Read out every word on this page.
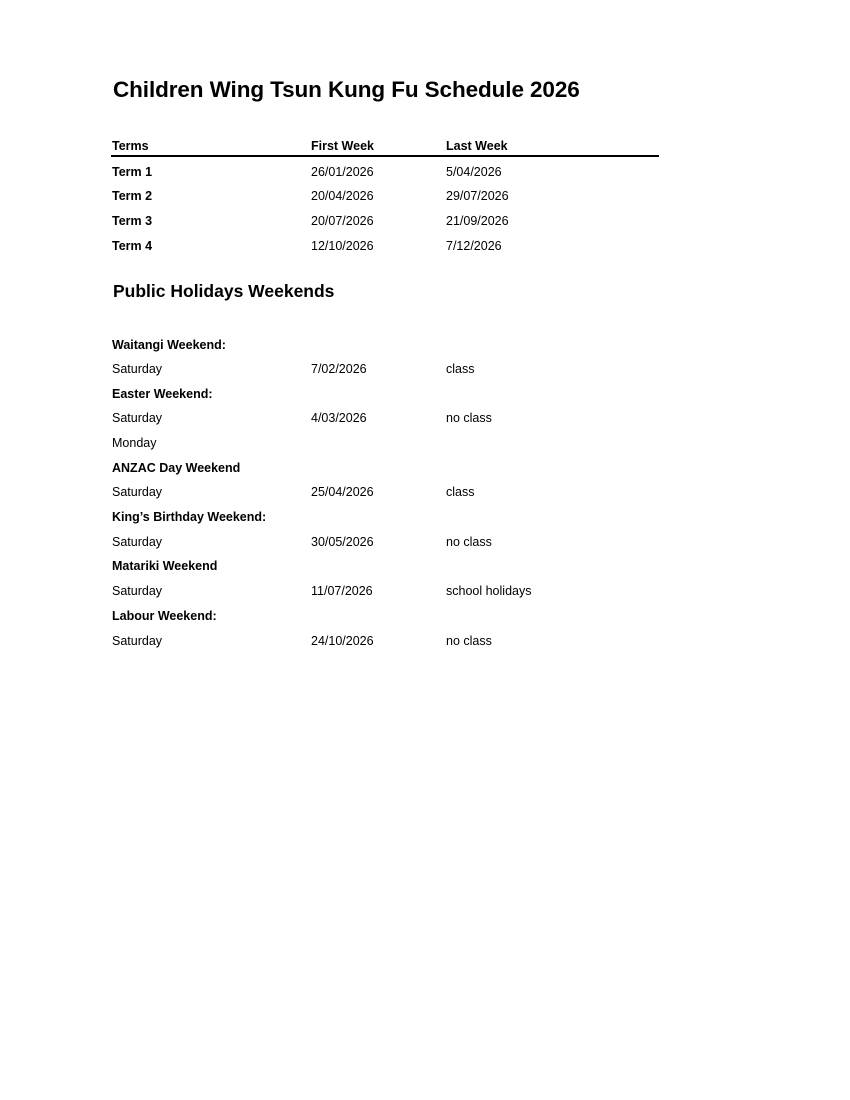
Children Wing Tsun Kung Fu Schedule 2026
Terms	First Week	Last Week
Term 1	26/01/2026	5/04/2026
Term 2	20/04/2026	29/07/2026
Term 3	20/07/2026	21/09/2026
Term 4	12/10/2026	7/12/2026
Public Holidays Weekends
Waitangi Weekend:
Saturday	7/02/2026	class
Easter Weekend:
Saturday	4/03/2026	no class
Monday
ANZAC Day Weekend
Saturday	25/04/2026	class
King’s Birthday Weekend:
Saturday	30/05/2026	no class
Matariki Weekend
Saturday	11/07/2026	school holidays
Labour Weekend:
Saturday	24/10/2026	no class
